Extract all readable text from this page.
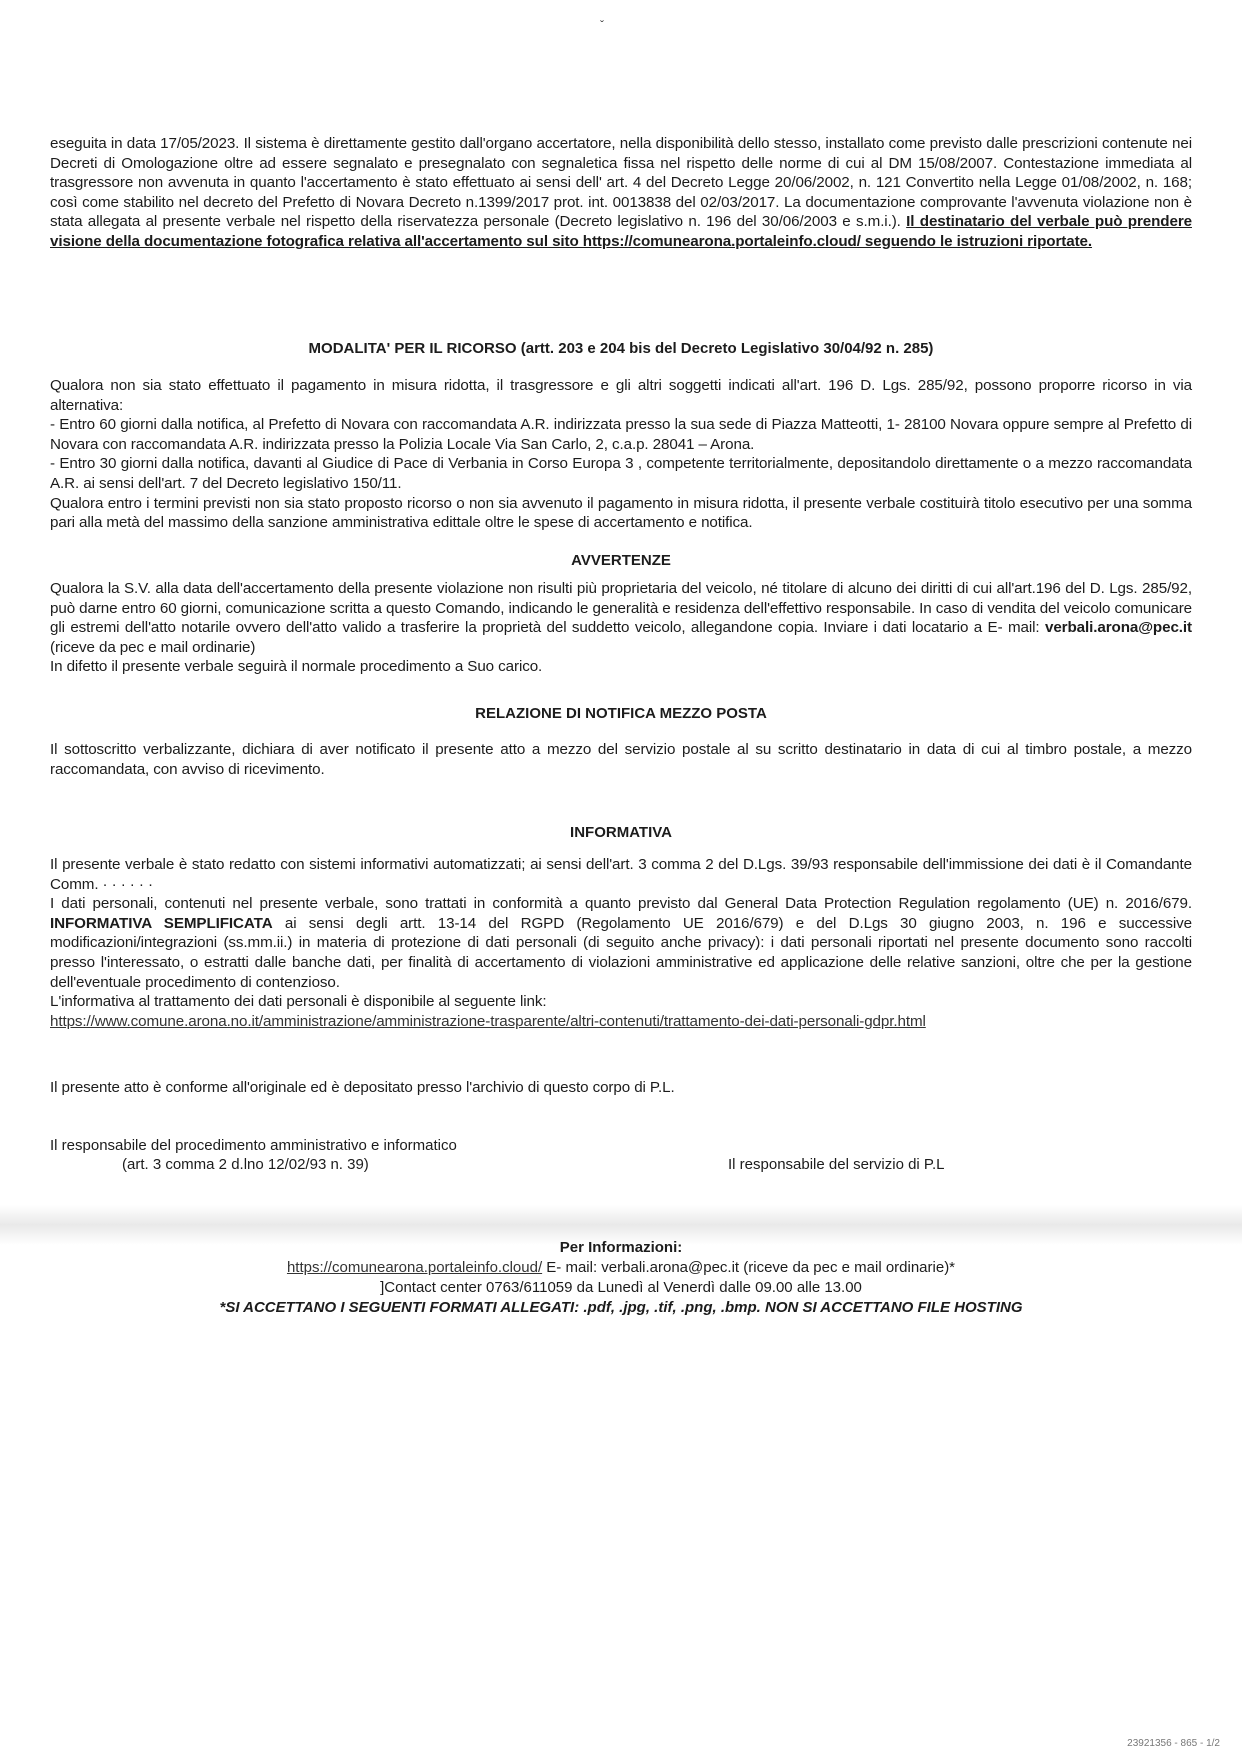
ˇ

eseguita in data 17/05/2023. Il sistema è direttamente gestito dall'organo accertatore, nella disponibilità dello stesso, installato come previsto dalle prescrizioni contenute nei Decreti di Omologazione oltre ad essere segnalato e presegnalato con segnaletica fissa nel rispetto delle norme di cui al DM 15/08/2007. Contestazione immediata al trasgressore non avvenuta in quanto l'accertamento è stato effettuato ai sensi dell' art. 4 del Decreto Legge 20/06/2002, n. 121 Convertito nella Legge 01/08/2002, n. 168; così come stabilito nel decreto del Prefetto di Novara Decreto n.1399/2017 prot. int. 0013838 del 02/03/2017. La documentazione comprovante l'avvenuta violazione non è stata allegata al presente verbale nel rispetto della riservatezza personale (Decreto legislativo n. 196 del 30/06/2003 e s.m.i.). Il destinatario del verbale può prendere visione della documentazione fotografica relativa all'accertamento sul sito https://comunearona.portaleinfo.cloud/ seguendo le istruzioni riportate.

MODALITA' PER IL RICORSO (artt. 203 e 204 bis del Decreto Legislativo 30/04/92 n. 285)

Qualora non sia stato effettuato il pagamento in misura ridotta, il trasgressore e gli altri soggetti indicati all'art. 196 D. Lgs. 285/92, possono proporre ricorso in via alternativa:

- Entro 60 giorni dalla notifica, al Prefetto di Novara con raccomandata A.R. indirizzata presso la sua sede di Piazza Matteotti, 1- 28100 Novara oppure sempre al Prefetto di Novara con raccomandata A.R. indirizzata presso la Polizia Locale Via San Carlo, 2, c.a.p. 28041 – Arona.

- Entro 30 giorni dalla notifica, davanti al Giudice di Pace di Verbania in Corso Europa 3 , competente territorialmente, depositandolo direttamente o a mezzo raccomandata A.R. ai sensi dell'art. 7 del Decreto legislativo 150/11.

Qualora entro i termini previsti non sia stato proposto ricorso o non sia avvenuto il pagamento in misura ridotta, il presente verbale costituirà titolo esecutivo per una somma pari alla metà del massimo della sanzione amministrativa edittale oltre le spese di accertamento e notifica.

AVVERTENZE

Qualora la S.V. alla data dell'accertamento della presente violazione non risulti più proprietaria del veicolo, né titolare di alcuno dei diritti di cui all'art.196 del D. Lgs. 285/92, può darne entro 60 giorni, comunicazione scritta a questo Comando, indicando le generalità e residenza dell'effettivo responsabile. In caso di vendita del veicolo comunicare gli estremi dell'atto notarile ovvero dell'atto valido a trasferire la proprietà del suddetto veicolo, allegandone copia. Inviare i dati locatario a E- mail: verbali.arona@pec.it (riceve da pec e mail ordinarie)

In difetto il presente verbale seguirà il normale procedimento a Suo carico.

RELAZIONE DI NOTIFICA MEZZO POSTA
Il sottoscritto verbalizzante, dichiara di aver notificato il presente atto a mezzo del servizio postale al su scritto destinatario in data di cui al timbro postale, a mezzo raccomandata, con avviso di ricevimento.
INFORMATIVA

Il presente verbale è stato redatto con sistemi informativi automatizzati; ai sensi dell'art. 3 comma 2 del D.Lgs. 39/93 responsabile dell'immissione dei dati è il Comandante Comm. · · · · · ·

I dati personali, contenuti nel presente verbale, sono trattati in conformità a quanto previsto dal General Data Protection Regulation regolamento (UE) n. 2016/679. INFORMATIVA SEMPLIFICATA ai sensi degli artt. 13-14 del RGPD (Regolamento UE 2016/679) e del D.Lgs 30 giugno 2003, n. 196 e successive modificazioni/integrazioni (ss.mm.ii.) in materia di protezione di dati personali (di seguito anche privacy): i dati personali riportati nel presente documento sono raccolti presso l'interessato, o estratti dalle banche dati, per finalità di accertamento di violazioni amministrative ed applicazione delle relative sanzioni, oltre che per la gestione dell'eventuale procedimento di contenzioso.

L'informativa al trattamento dei dati personali è disponibile al seguente link:

https://www.comune.arona.no.it/amministrazione/amministrazione-trasparente/altri-contenuti/trattamento-dei-dati-personali-gdpr.html

Il presente atto è conforme all'originale ed è depositato presso l'archivio di questo corpo di P.L.
Il responsabile del procedimento amministrativo e informatico
(art. 3 comma 2 d.lno 12/02/93 n. 39)	Il responsabile del servizio di P.L
Per Informazioni:
https://comunearona.portaleinfo.cloud/ E- mail: verbali.arona@pec.it (riceve da pec e mail ordinarie)*
]Contact center 0763/611059 da Lunedì al Venerdì dalle 09.00 alle 13.00
*SI ACCETTANO I SEGUENTI FORMATI ALLEGATI: .pdf, .jpg, .tif, .png, .bmp. NON SI ACCETTANO FILE HOSTING
23921356 - 865 - 1/2
